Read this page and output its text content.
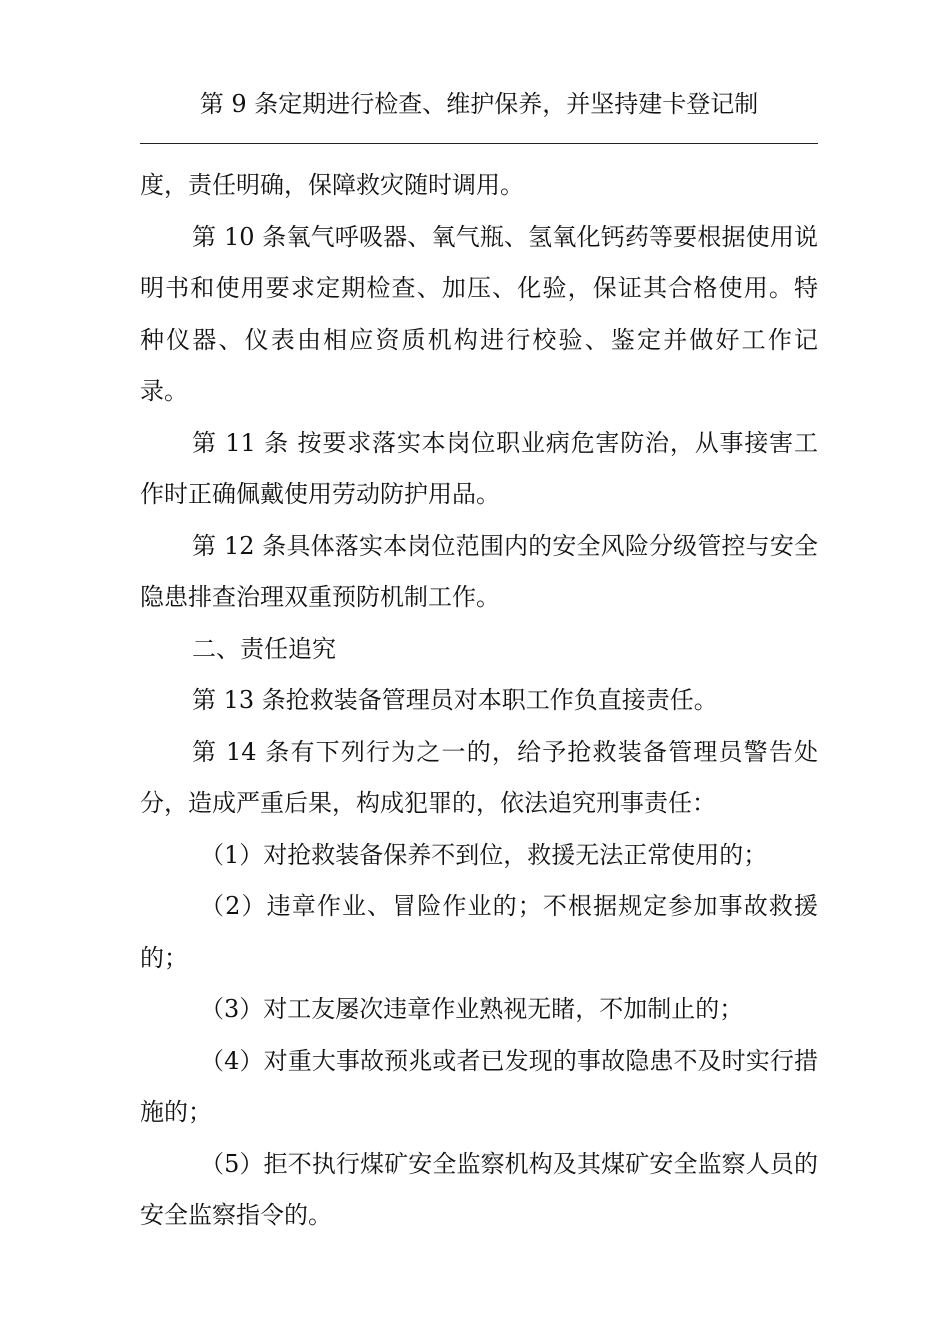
第 9 条定期进行检查、维护保养，并坚持建卡登记制

度，责任明确，保障救灾随时调用。

第 10 条氧气呼吸器、氧气瓶、氢氧化钙药等要根据使用说
明书和使用要求定期检查、加压、化验，保证其合格使用。特
种仪器、仪表由相应资质机构进行校验、鉴定并做好工作记
录。

第 11 条 按要求落实本岗位职业病危害防治，从事接害工
作时正确佩戴使用劳动防护用品。

第 12 条具体落实本岗位范围内的安全风险分级管控与安全
隐患排查治理双重预防机制工作。

二、责任追究

第 13 条抢救装备管理员对本职工作负直接责任。

第 14 条有下列行为之一的，给予抢救装备管理员警告处
分，造成严重后果，构成犯罪的，依法追究刑事责任：

（1）对抢救装备保养不到位，救援无法正常使用的；

（2）违章作业、冒险作业的；不根据规定参加事故救援
的；

（3）对工友屡次违章作业熟视无睹，不加制止的；

（4）对重大事故预兆或者已发现的事故隐患不及时实行措
施的；

（5）拒不执行煤矿安全监察机构及其煤矿安全监察人员的
安全监察指令的。
